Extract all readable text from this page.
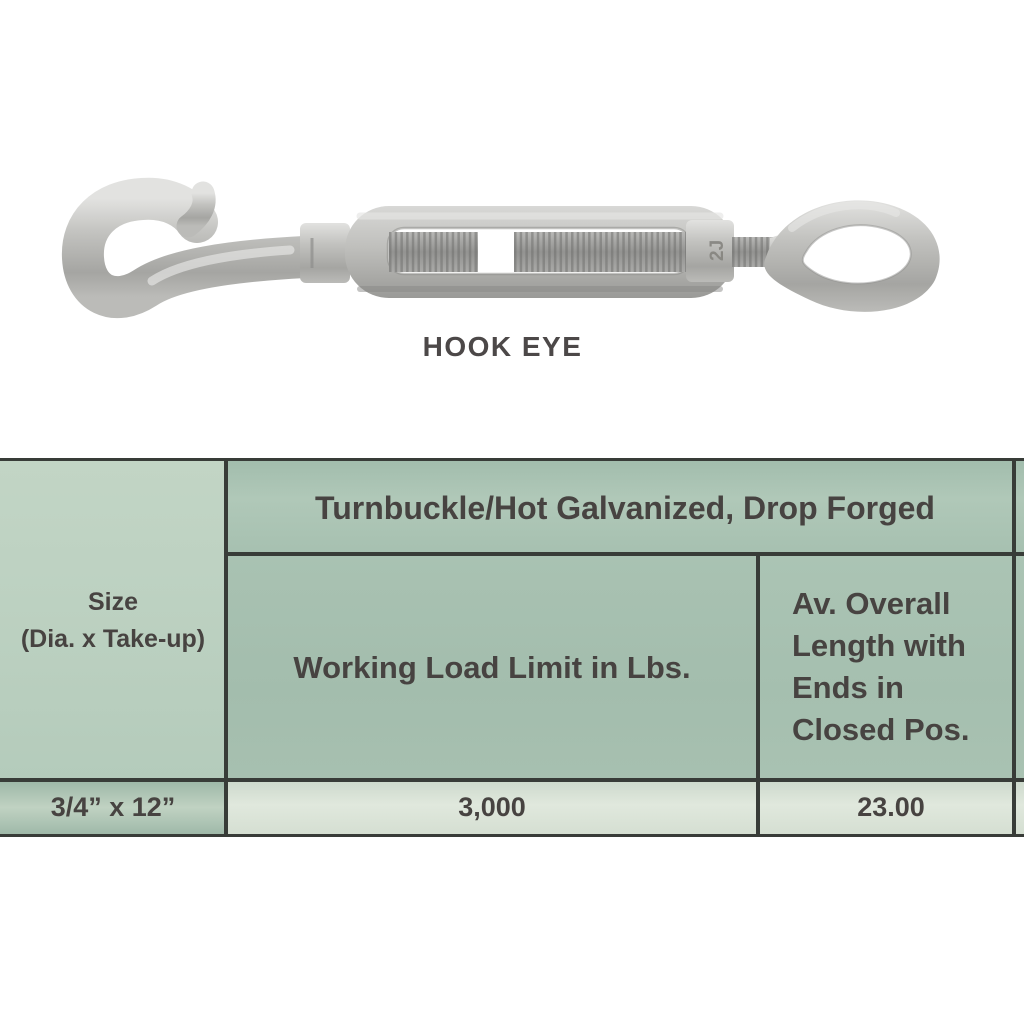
2J
HOOK EYE
Size
(Dia. x Take-up)
Turnbuckle/Hot Galvanized, Drop Forged
Working Load Limit in Lbs.
Av. Overall
Length with
Ends in
Closed Pos.
3/4” x 12”	3,000	23.00
